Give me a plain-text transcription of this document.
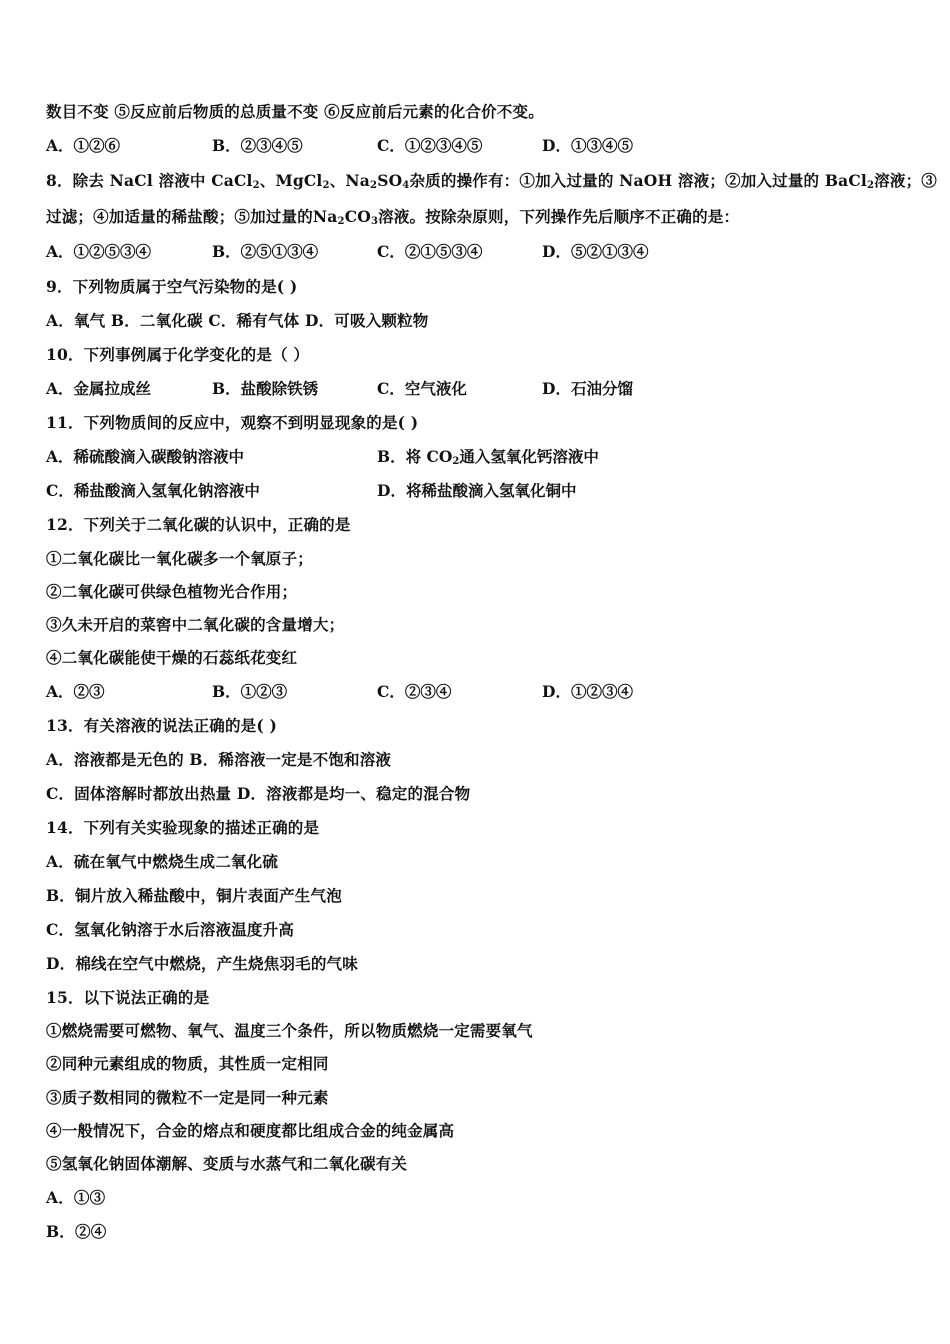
数目不变 ⑤反应前后物质的总质量不变 ⑥反应前后元素的化合价不变。
A．①②⑥	B．②③④⑤	C．①②③④⑤	D．①③④⑤
8．除去 NaCl 溶液中 CaCl$_2$、MgCl$_2$、$Na_2SO_4$杂质的操作有：①加入过量的 NaOH 溶液；②加入过量的 BaCl$_2$溶液；③
过滤；④加适量的稀盐酸；⑤加过量的$Na_2CO_3$溶液。按除杂原则，下列操作先后顺序不正确的是：
A．①②⑤③④	B．②⑤①③④	C．②①⑤③④	D．⑤②①③④
9．下列物质属于空气污染物的是( )
A．氧气 B．二氧化碳 C．稀有气体 D．可吸入颗粒物
10．下列事例属于化学变化的是（ ）
A．金属拉成丝	B．盐酸除铁锈	C．空气液化	D．石油分馏
11．下列物质间的反应中，观察不到明显现象的是( )
A．稀硫酸滴入碳酸钠溶液中	B．将 $CO_2$通入氢氧化钙溶液中
C．稀盐酸滴入氢氧化钠溶液中	D．将稀盐酸滴入氢氧化铜中
12．下列关于二氧化碳的认识中，正确的是
①二氧化碳比一氧化碳多一个氧原子；
②二氧化碳可供绿色植物光合作用；
③久未开启的菜窖中二氧化碳的含量增大；
④二氧化碳能使干燥的石蕊纸花变红
A．②③	B．①②③	C．②③④	D．①②③④
13．有关溶液的说法正确的是( )
A．溶液都是无色的 B．稀溶液一定是不饱和溶液
C．固体溶解时都放出热量 D．溶液都是均一、稳定的混合物
14．下列有关实验现象的描述正确的是
A．硫在氧气中燃烧生成二氧化硫
B．铜片放入稀盐酸中，铜片表面产生气泡
C．氢氧化钠溶于水后溶液温度升高
D．棉线在空气中燃烧，产生烧焦羽毛的气味
15．以下说法正确的是
①燃烧需要可燃物、氧气、温度三个条件，所以物质燃烧一定需要氧气
②同种元素组成的物质，其性质一定相同
③质子数相同的微粒不一定是同一种元素
④一般情况下，合金的熔点和硬度都比组成合金的纯金属高
⑤氢氧化钠固体潮解、变质与水蒸气和二氧化碳有关
A．①③
B．②④
